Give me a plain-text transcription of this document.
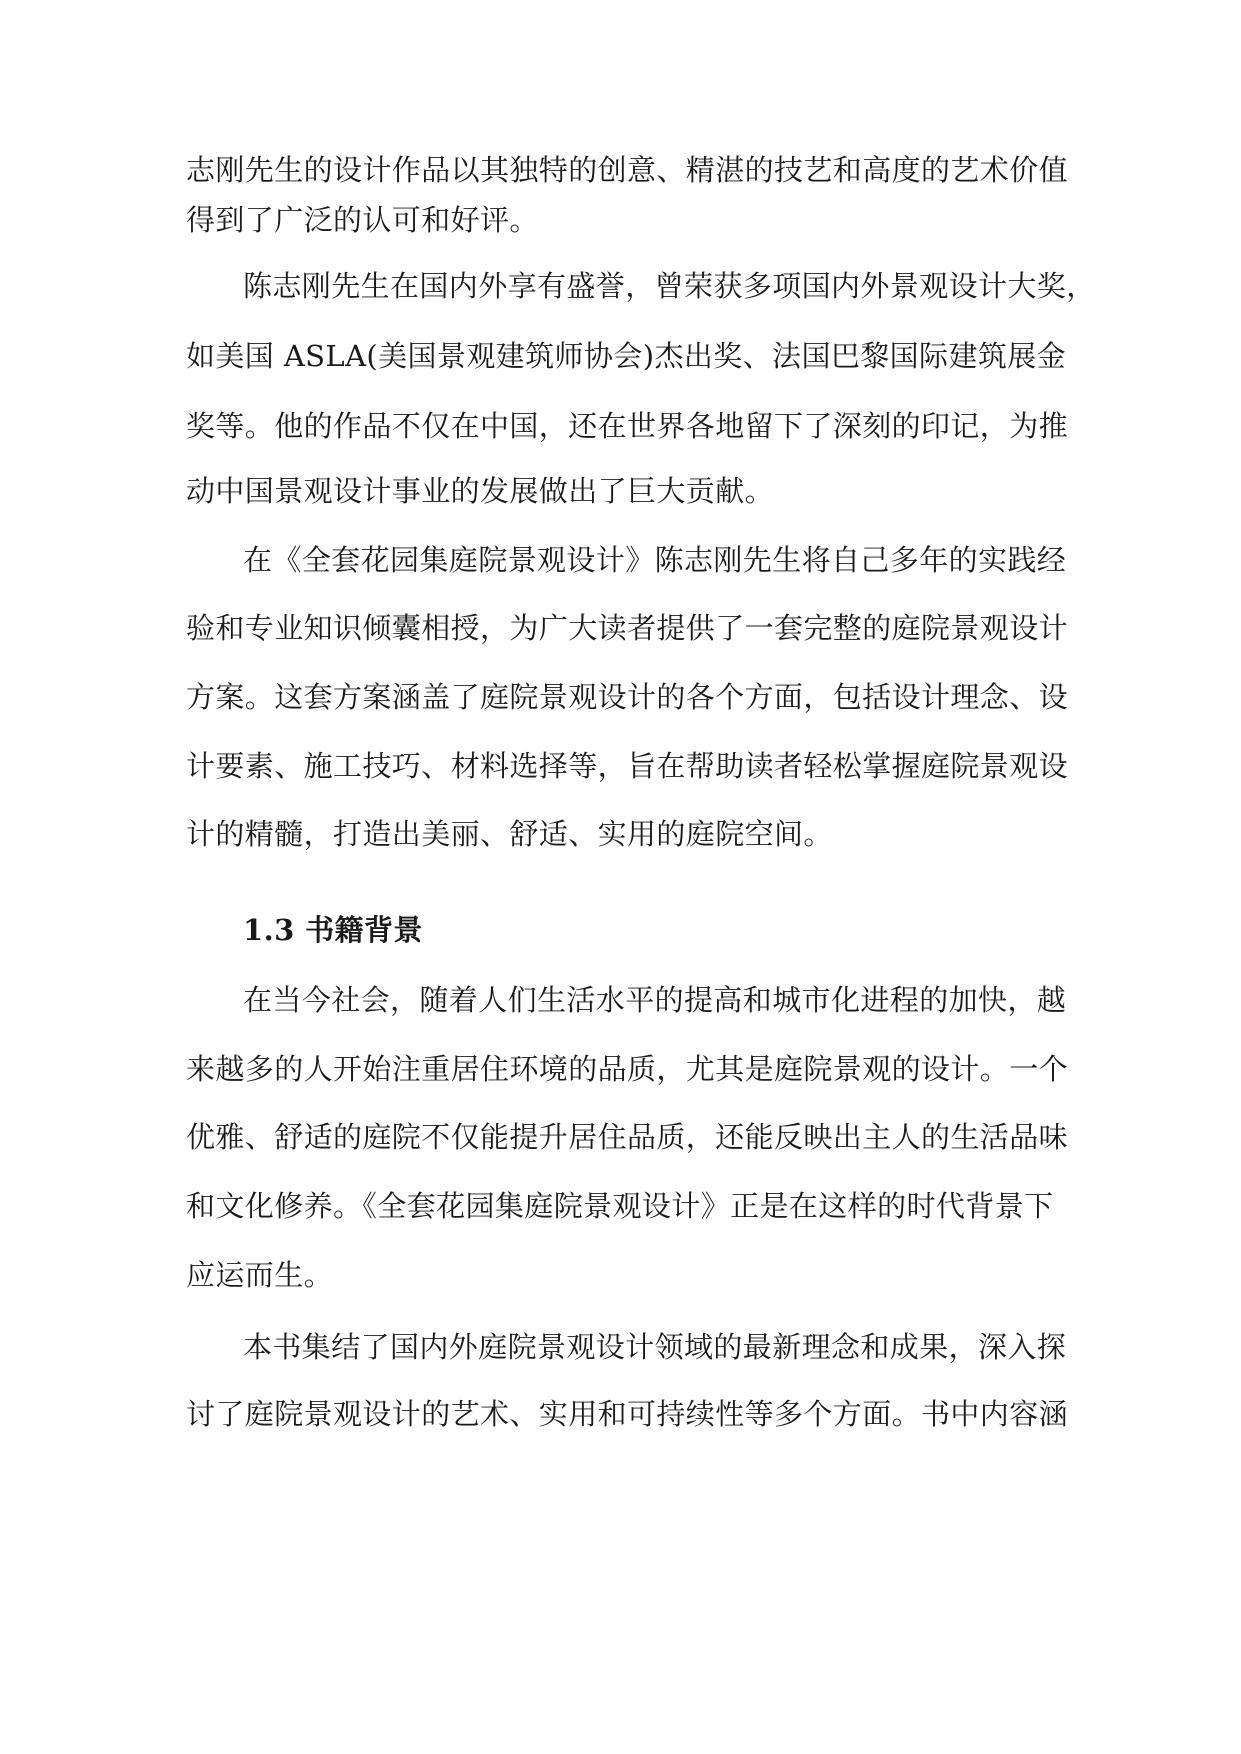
志刚先生的设计作品以其独特的创意、精湛的技艺和高度的艺术价值
得到了广泛的认可和好评。
陈志刚先生在国内外享有盛誉，曾荣获多项国内外景观设计大奖，
如美国 ASLA(美国景观建筑师协会)杰出奖、法国巴黎国际建筑展金
奖等。他的作品不仅在中国，还在世界各地留下了深刻的印记，为推
动中国景观设计事业的发展做出了巨大贡献。
在《全套花园集庭院景观设计》陈志刚先生将自己多年的实践经
验和专业知识倾囊相授，为广大读者提供了一套完整的庭院景观设计
方案。这套方案涵盖了庭院景观设计的各个方面，包括设计理念、设
计要素、施工技巧、材料选择等，旨在帮助读者轻松掌握庭院景观设
计的精髓，打造出美丽、舒适、实用的庭院空间。
1.3 书籍背景
在当今社会，随着人们生活水平的提高和城市化进程的加快，越
来越多的人开始注重居住环境的品质，尤其是庭院景观的设计。一个
优雅、舒适的庭院不仅能提升居住品质，还能反映出主人的生活品味
和文化修养。《全套花园集庭院景观设计》正是在这样的时代背景下
应运而生。
本书集结了国内外庭院景观设计领域的最新理念和成果，深入探
讨了庭院景观设计的艺术、实用和可持续性等多个方面。书中内容涵
